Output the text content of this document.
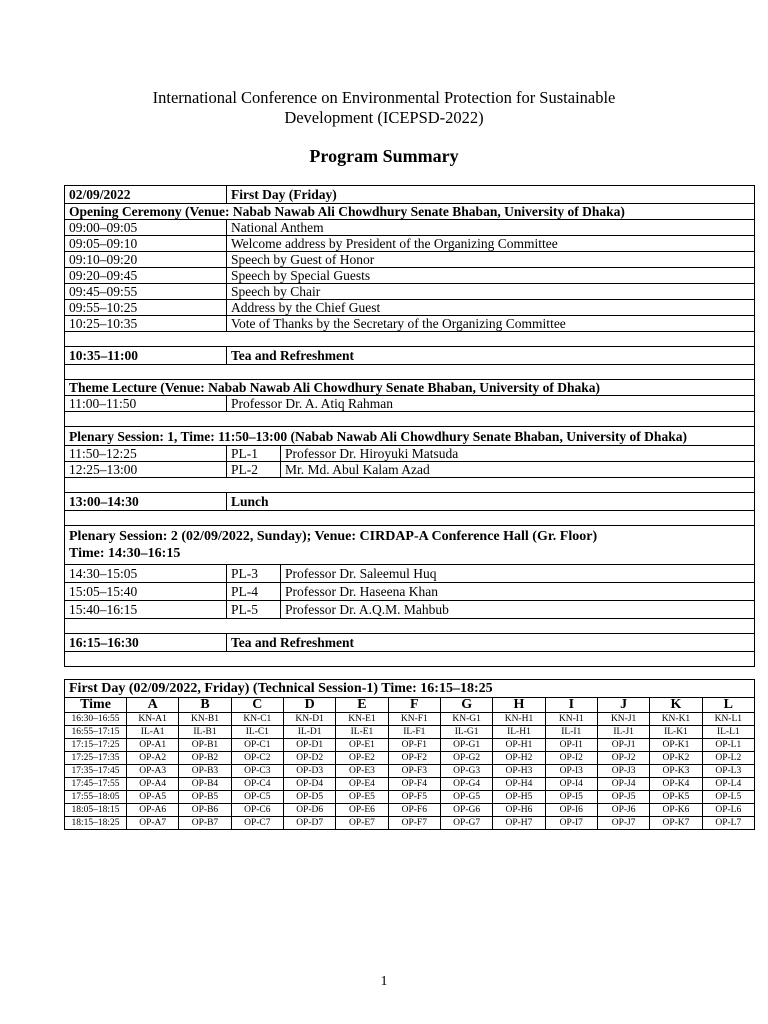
International Conference on Environmental Protection for Sustainable
Development (ICEPSD-2022)
Program Summary
02/09/2022	First Day (Friday)	
Opening Ceremony (Venue: Nabab Nawab Ali Chowdhury Senate Bhaban, University of Dhaka)		
09:00–09:05	National Anthem	
09:05–09:10	Welcome address by President of the Organizing Committee	
09:10–09:20	Speech by Guest of Honor	
09:20–09:45	Speech by Special Guests	
09:45–09:55	Speech by Chair	
09:55–10:25	Address by the Chief Guest	
10:25–10:35	Vote of Thanks by the Secretary of the Organizing Committee	

10:35–11:00	Tea and Refreshment	

Theme Lecture (Venue: Nabab Nawab Ali Chowdhury Senate Bhaban, University of Dhaka)		
11:00–11:50	Professor Dr. A. Atiq Rahman	

Plenary Session: 1, Time: 11:50–13:00 (Nabab Nawab Ali Chowdhury Senate Bhaban, University of Dhaka)		
11:50–12:25	PL-1	Professor Dr. Hiroyuki Matsuda
12:25–13:00	PL-2	Mr. Md. Abul Kalam Azad

13:00–14:30	Lunch	

Plenary Session: 2 (02/09/2022, Sunday); Venue: CIRDAP-A Conference Hall (Gr. Floor)
Time: 14:30–16:15		

14:30–15:05	PL-3	Professor Dr. Saleemul Huq
15:05–15:40	PL-4	Professor Dr. Haseena Khan
15:40–16:15	PL-5	Professor Dr. A.Q.M. Mahbub

16:15–16:30	Tea and Refreshment	

First Day (02/09/2022, Friday) (Technical Session-1) Time: 16:15–18:25												
Time	A	B	C	D	E	F	G	H	I	J	K	L
16:30–16:55	KN-A1	KN-B1	KN-C1	KN-D1	KN-E1	KN-F1	KN-G1	KN-H1	KN-I1	KN-J1	KN-K1	KN-L1
16:55–17:15	IL-A1	IL-B1	IL-C1	IL-D1	IL-E1	IL-F1	IL-G1	IL-H1	IL-I1	IL-J1	IL-K1	IL-L1
17:15–17:25	OP-A1	OP-B1	OP-C1	OP-D1	OP-E1	OP-F1	OP-G1	OP-H1	OP-I1	OP-J1	OP-K1	OP-L1
17:25–17:35	OP-A2	OP-B2	OP-C2	OP-D2	OP-E2	OP-F2	OP-G2	OP-H2	OP-I2	OP-J2	OP-K2	OP-L2
17:35–17:45	OP-A3	OP-B3	OP-C3	OP-D3	OP-E3	OP-F3	OP-G3	OP-H3	OP-I3	OP-J3	OP-K3	OP-L3
17:45–17:55	OP-A4	OP-B4	OP-C4	OP-D4	OP-E4	OP-F4	OP-G4	OP-H4	OP-I4	OP-J4	OP-K4	OP-L4
17:55–18:05	OP-A5	OP-B5	OP-C5	OP-D5	OP-E5	OP-F5	OP-G5	OP-H5	OP-I5	OP-J5	OP-K5	OP-L5
18:05–18:15	OP-A6	OP-B6	OP-C6	OP-D6	OP-E6	OP-F6	OP-G6	OP-H6	OP-I6	OP-J6	OP-K6	OP-L6
18:15–18:25	OP-A7	OP-B7	OP-C7	OP-D7	OP-E7	OP-F7	OP-G7	OP-H7	OP-I7	OP-J7	OP-K7	OP-L7
1
